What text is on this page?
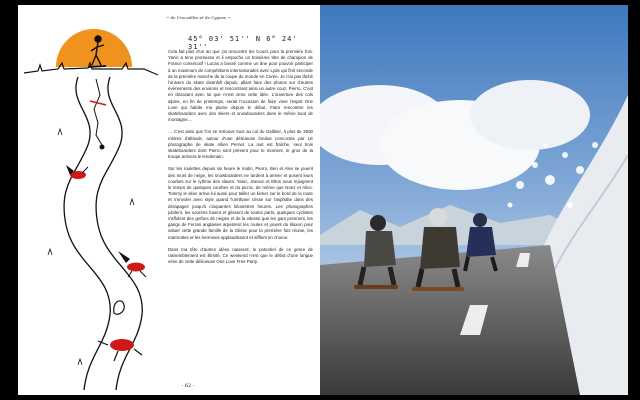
~ de Crocodiles et de Cygnes ~
45° 03' 51'' N 6° 24' 31''

Cela fait plus d'un an que j'ai rencontré les Couzs pour la première fois. Yanic a tenu promesse et il empoche un troisième titre de champion de France consécutif ! Lucas a bossé comme un âne pour pouvoir participer à un maximum de compétitions internationales avec Lyde qui finit seconde de la première manche de la coupe du monde en Corée. Je n'ai pas lâché l'univers du skate downhill depuis, allant faire des photos sur d'autres événements des environs et rencontrant ainsi un autre couz, Pierro. C'est en discutant avec lui que m'est venu cette idée. L'ouverture des cols alpins, en fin de printemps, serait l'occasion de faire vivre l'esprit One Love qui habite ma plume depuis le début. Faire rencontrer les skateboarders avec des skiers et snowboarders dans le même bout de montagne…

… C'est ainsi que l'on se retrouve tous au col du Galibier, à plus de 2600 mètres d'altitude, autour d'une délicieuse fondue concoctée par LE photographe de skate Allien Pernet. La nuit est fraîche, seul trois skateboarders dont Pierro sont présent pour le moment, le gros de la troupe arrivera le lendemain.

Sur les roulettes depuis six heure le matin, Pierro, Ben et Alex se jouent des murs de neige, les snowboarders ne tardent à arriver et posent leurs courbes sur le rythme des slaves. Yanic, Janson et Eltos nous rejoignent le temps de quelques courbes et du picnic, de même que Nonz et Alice. Tommy le skier arrive lui aussi pour tailler un kicker sur le bord de la route et s'envoler avec style quand l'urethane crisse sur l'asphalte dans des dérapages jusqu'à cinquantes kilomètres heures. Les photographes jubilent, les sourires fusent et glissent de toutes parts, quelques cyclistes s'affolent des gerbes de neiges et de la vitesse que les gars prennent, les gangs de Ferrari anglaises arpentent les routes et jouent du klaxon pour saluer cette grande famille de la Glisse pour la première fois réunie, les marmottes et les hermines applaudissent et sifflent en choeur.

Dans ma tête d'autres idées naissent, le potentiel de ce genre de rassemblement est illimité. Ce weekend n'est que le début d'une longue série de cette délicieuse One Love Free Party.

- 62 -
